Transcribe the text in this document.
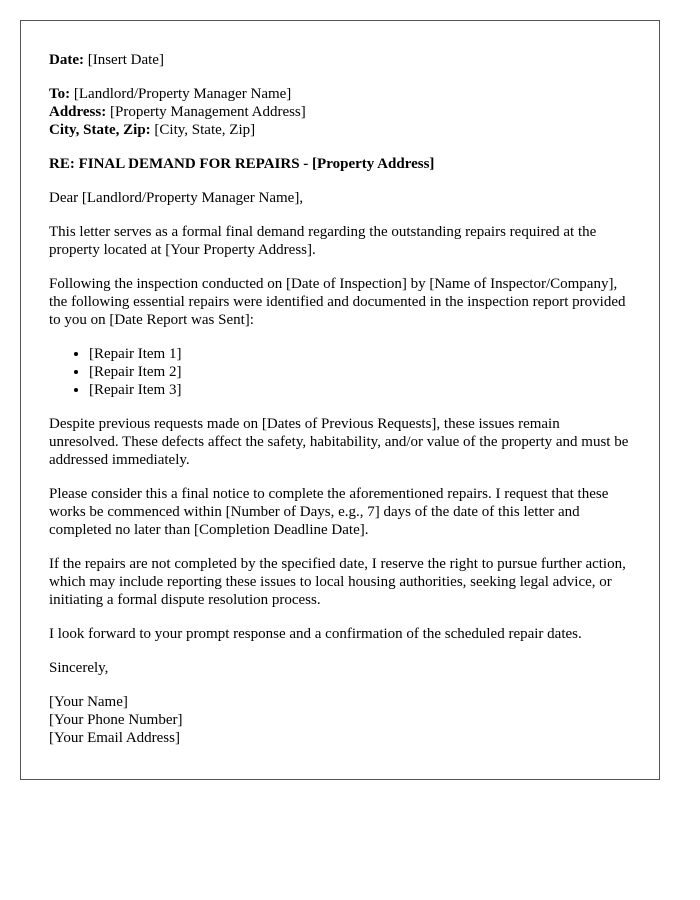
Date: [Insert Date]
To: [Landlord/Property Manager Name]
Address: [Property Management Address]
City, State, Zip: [City, State, Zip]

RE: FINAL DEMAND FOR REPAIRS - [Property Address]

Dear [Landlord/Property Manager Name],

This letter serves as a formal final demand regarding the outstanding repairs required at the property located at [Your Property Address].

Following the inspection conducted on [Date of Inspection] by [Name of Inspector/Company], the following essential repairs were identified and documented in the inspection report provided to you on [Date Report was Sent]:

• [Repair Item 1]
• [Repair Item 2]
• [Repair Item 3]

Despite previous requests made on [Dates of Previous Requests], these issues remain unresolved. These defects affect the safety, habitability, and/or value of the property and must be addressed immediately.

Please consider this a final notice to complete the aforementioned repairs. I request that these works be commenced within [Number of Days, e.g., 7] days of the date of this letter and completed no later than [Completion Deadline Date].

If the repairs are not completed by the specified date, I reserve the right to pursue further action, which may include reporting these issues to local housing authorities, seeking legal advice, or initiating a formal dispute resolution process.

I look forward to your prompt response and a confirmation of the scheduled repair dates.

Sincerely,

[Your Name]
[Your Phone Number]
[Your Email Address]
